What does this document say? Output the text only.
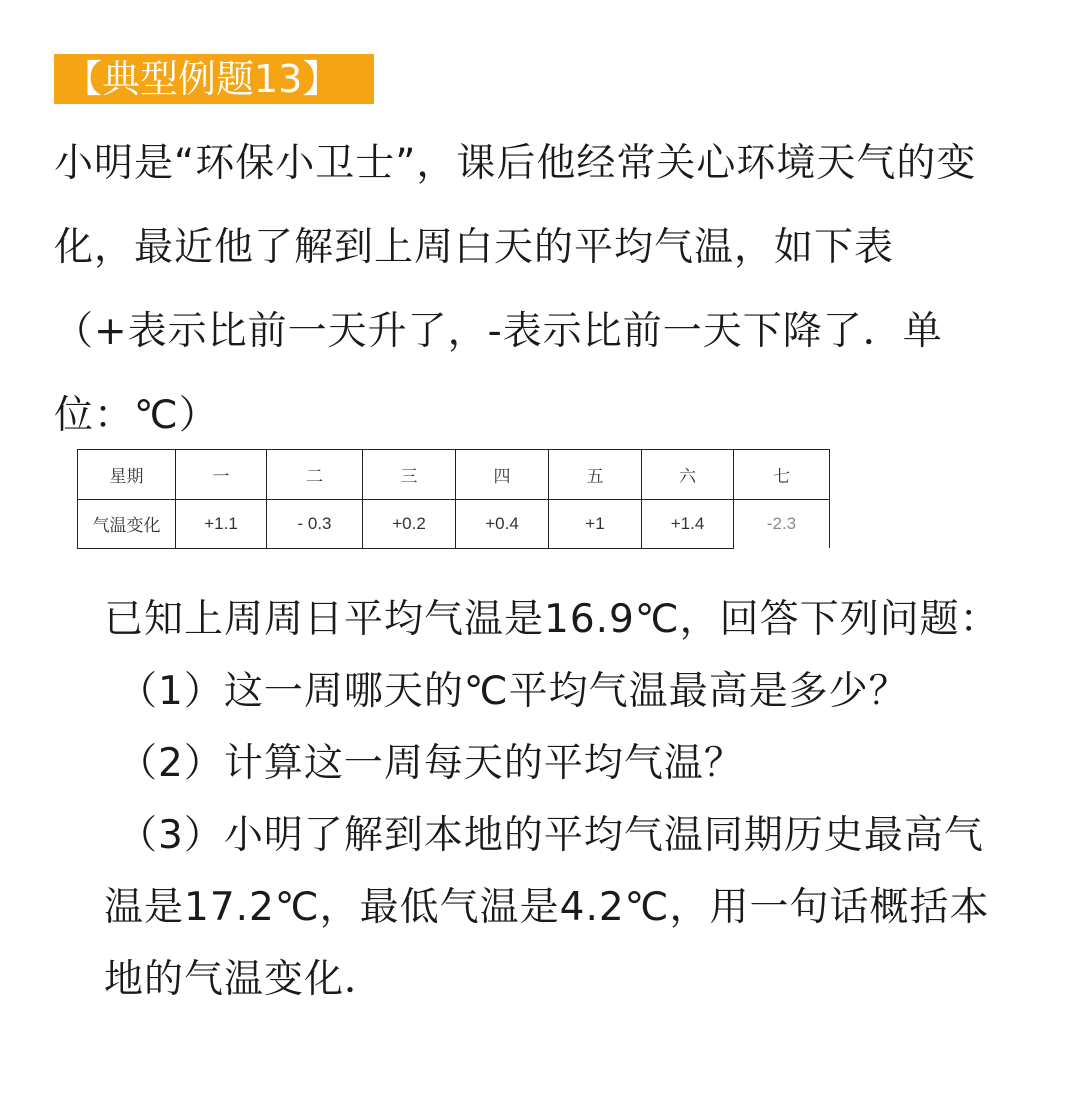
【典型例题13】
小明是“环保小卫士”，课后他经常关心环境天气的变
化，最近他了解到上周白天的平均气温，如下表
（+表示比前一天升了，-表示比前一天下降了．单
位：℃）
星期	一	二	三	四	五	六	七
气温变化	+1.1	- 0.3	+0.2	+0.4	+1	+1.4	-2.3
已知上周周日平均气温是16.9℃，回答下列问题：
（1）这一周哪天的℃平均气温最高是多少？
（2）计算这一周每天的平均气温？
（3）小明了解到本地的平均气温同期历史最高气
温是17.2℃，最低气温是4.2℃，用一句话概括本
地的气温变化．
